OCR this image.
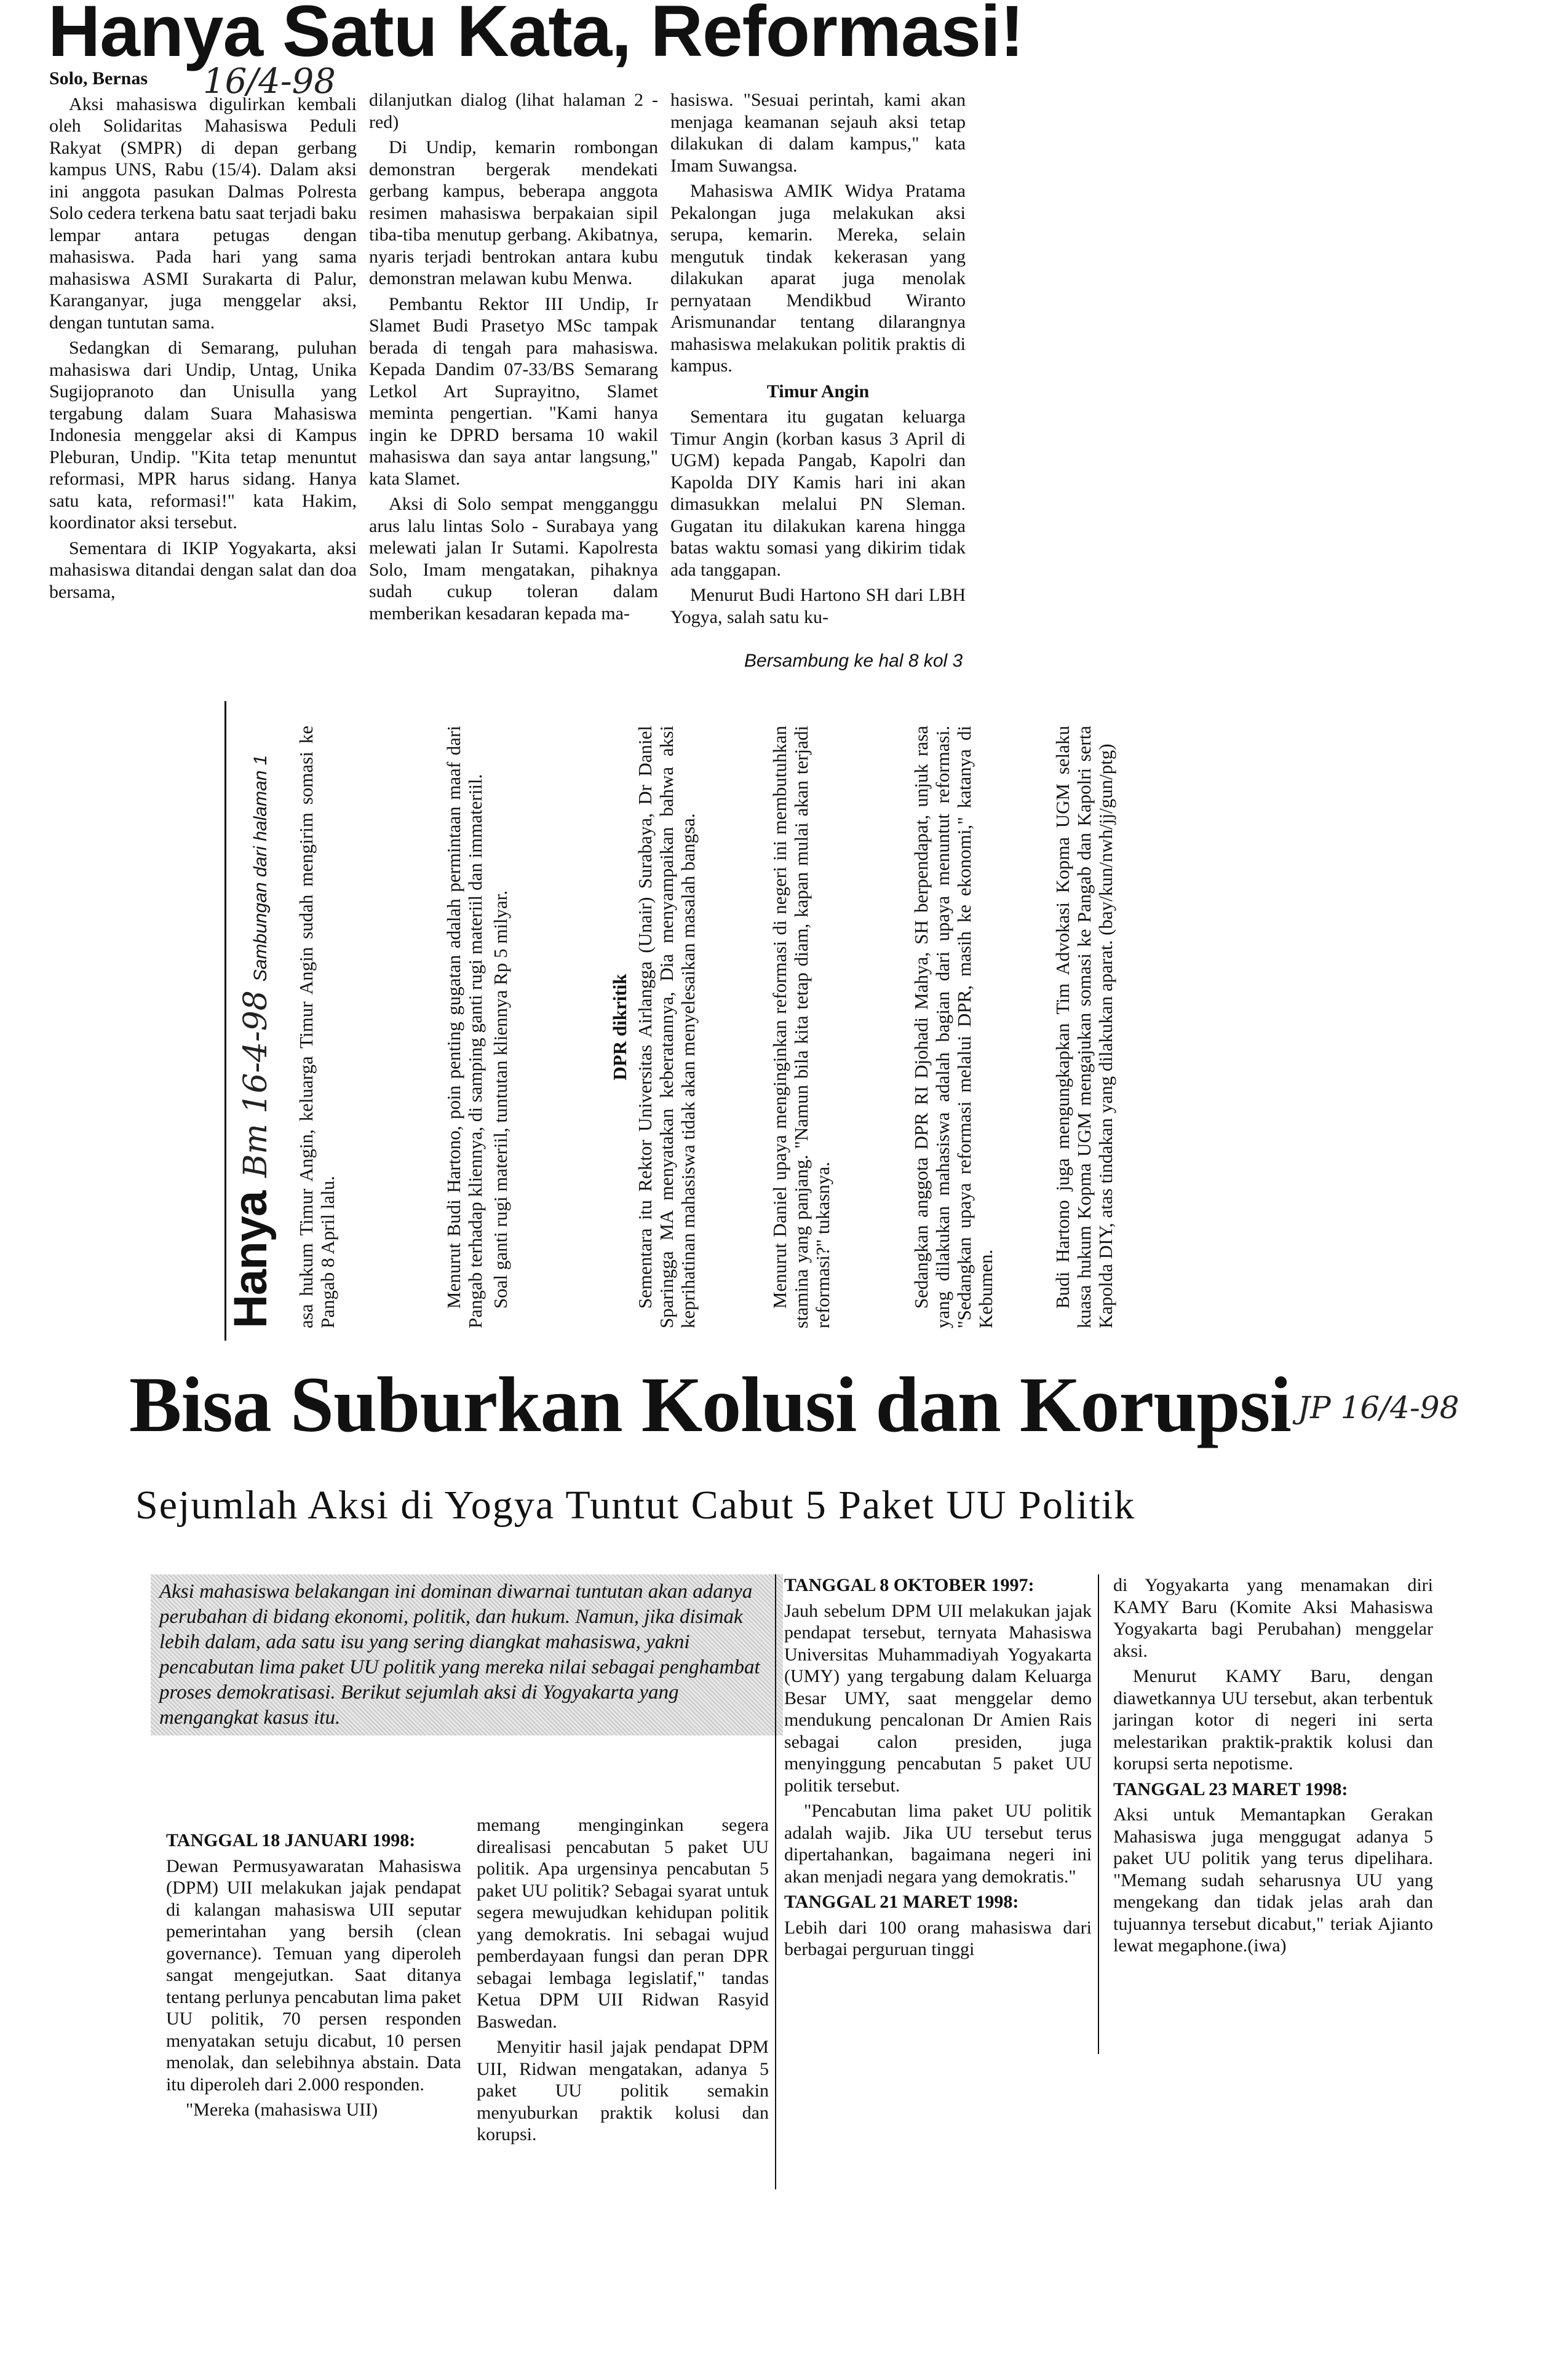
Hanya Satu Kata, Reformasi!
16/4-98

Solo, Bernas

Aksi mahasiswa digulirkan kembali oleh Solidaritas Mahasiswa Peduli Rakyat (SMPR) di depan gerbang kampus UNS, Rabu (15/4). Dalam aksi ini anggota pasukan Dalmas Polresta Solo cedera terkena batu saat terjadi baku lempar antara petugas dengan mahasiswa. Pada hari yang sama mahasiswa ASMI Surakarta di Palur, Karanganyar, juga menggelar aksi, dengan tuntutan sama.

Sedangkan di Semarang, puluhan mahasiswa dari Undip, Untag, Unika Sugijopranoto dan Unisulla yang tergabung dalam Suara Mahasiswa Indonesia menggelar aksi di Kampus Pleburan, Undip. "Kita tetap menuntut reformasi, MPR harus sidang. Hanya satu kata, reformasi!" kata Hakim, koordinator aksi tersebut.

Sementara di IKIP Yogyakarta, aksi mahasiswa ditandai dengan salat dan doa bersama,

dilanjutkan dialog (lihat halaman 2 - red)

Di Undip, kemarin rombongan demonstran bergerak mendekati gerbang kampus, beberapa anggota resimen mahasiswa berpakaian sipil tiba-tiba menutup gerbang. Akibatnya, nyaris terjadi bentrokan antara kubu demonstran melawan kubu Menwa.

Pembantu Rektor III Undip, Ir Slamet Budi Prasetyo MSc tampak berada di tengah para mahasiswa. Kepada Dandim 07-33/BS Semarang Letkol Art Suprayitno, Slamet meminta pengertian. "Kami hanya ingin ke DPRD bersama 10 wakil mahasiswa dan saya antar langsung," kata Slamet.

Aksi di Solo sempat mengganggu arus lalu lintas Solo - Surabaya yang melewati jalan Ir Sutami. Kapolresta Solo, Imam mengatakan, pihaknya sudah cukup toleran dalam memberikan kesadaran kepada ma-

hasiswa. "Sesuai perintah, kami akan menjaga keamanan sejauh aksi tetap dilakukan di dalam kampus," kata Imam Suwangsa.

Mahasiswa AMIK Widya Pratama Pekalongan juga melakukan aksi serupa, kemarin. Mereka, selain mengutuk tindak kekerasan yang dilakukan aparat juga menolak pernyataan Mendikbud Wiranto Arismunandar tentang dilarangnya mahasiswa melakukan politik praktis di kampus.

Timur Angin

Sementara itu gugatan keluarga Timur Angin (korban kasus 3 April di UGM) kepada Pangab, Kapolri dan Kapolda DIY Kamis hari ini akan dimasukkan melalui PN Sleman. Gugatan itu dilakukan karena hingga batas waktu somasi yang dikirim tidak ada tanggapan.

Menurut Budi Hartono SH dari LBH Yogya, salah satu ku-

Bersambung ke hal 8 kol 3
Hanya Bm 16-4-98 Sambungan dari halaman 1	asa hukum Timur Angin, keluarga Timur Angin sudah mengirim somasi ke Pangab 8 April lalu.	Menurut Budi Hartono, poin penting gugatan adalah permintaan maaf dari Pangab terhadap kliennya, di samping ganti rugi materiil dan immateriil. Soal ganti rugi materiil, tuntutan kliennya Rp 5 milyar.	DPR dikritik Sementara itu Rektor Universitas Airlangga (Unair) Surabaya, Dr Daniel Sparingga MA menyatakan keberatannya, Dia menyampaikan bahwa aksi keprihatinan mahasiswa tidak akan menyelesaikan masalah bangsa.	Menurut Daniel upaya menginginkan reformasi di negeri ini membutuhkan stamina yang panjang. "Namun bila kita tetap diam, kapan mulai akan terjadi reformasi?" tukasnya.	Sedangkan anggota DPR RI Djohadi Mahya, SH berpendapat, unjuk rasa yang dilakukan mahasiswa adalah bagian dari upaya menuntut reformasi. "Sedangkan upaya reformasi melalui DPR, masih ke ekonomi," katanya di Kebumen.	Budi Hartono juga mengungkapkan Tim Advokasi Kopma UGM selaku kuasa hukum Kopma UGM mengajukan somasi ke Pangab dan Kapolri serta Kapolda DIY, atas tindakan yang dilakukan aparat. (bay/kun/nwh/jj/gun/ptg)

Bisa Suburkan Kolusi dan Korupsi JP 16/4-98
Sejumlah Aksi di Yogya Tuntut Cabut 5 Paket UU Politik
Aksi mahasiswa belakangan ini dominan diwarnai tuntutan akan adanya perubahan di bidang ekonomi, politik, dan hukum. Namun, jika disimak lebih dalam, ada satu isu yang sering diangkat mahasiswa, yakni pencabutan lima paket UU politik yang mereka nilai sebagai penghambat proses demokratisasi. Berikut sejumlah aksi di Yogyakarta yang mengangkat kasus itu.

TANGGAL 18 JANUARI 1998:

Dewan Permusyawaratan Mahasiswa (DPM) UII melakukan jajak pendapat di kalangan mahasiswa UII seputar pemerintahan yang bersih (clean governance). Temuan yang diperoleh sangat mengejutkan. Saat ditanya tentang perlunya pencabutan lima paket UU politik, 70 persen responden menyatakan setuju dicabut, 10 persen menolak, dan selebihnya abstain. Data itu diperoleh dari 2.000 responden.

"Mereka (mahasiswa UII)

memang menginginkan segera direalisasi pencabutan 5 paket UU politik. Apa urgensinya pencabutan 5 paket UU politik? Sebagai syarat untuk segera mewujudkan kehidupan politik yang demokratis. Ini sebagai wujud pemberdayaan fungsi dan peran DPR sebagai lembaga legislatif," tandas Ketua DPM UII Ridwan Rasyid Baswedan.

Menyitir hasil jajak pendapat DPM UII, Ridwan mengatakan, adanya 5 paket UU politik semakin menyuburkan praktik kolusi dan korupsi.

TANGGAL 8 OKTOBER 1997:

Jauh sebelum DPM UII melakukan jajak pendapat tersebut, ternyata Mahasiswa Universitas Muhammadiyah Yogyakarta (UMY) yang tergabung dalam Keluarga Besar UMY, saat menggelar demo mendukung pencalonan Dr Amien Rais sebagai calon presiden, juga menyinggung pencabutan 5 paket UU politik tersebut.

"Pencabutan lima paket UU politik adalah wajib. Jika UU tersebut terus dipertahankan, bagaimana negeri ini akan menjadi negara yang demokratis."

TANGGAL 21 MARET 1998:

Lebih dari 100 orang mahasiswa dari berbagai perguruan tinggi

di Yogyakarta yang menamakan diri KAMY Baru (Komite Aksi Mahasiswa Yogyakarta bagi Perubahan) menggelar aksi.

Menurut KAMY Baru, dengan diawetkannya UU tersebut, akan terbentuk jaringan kotor di negeri ini serta melestarikan praktik-praktik kolusi dan korupsi serta nepotisme.

TANGGAL 23 MARET 1998:

Aksi untuk Memantapkan Gerakan Mahasiswa juga menggugat adanya 5 paket UU politik yang terus dipelihara. "Memang sudah seharusnya UU yang mengekang dan tidak jelas arah dan tujuannya tersebut dicabut," teriak Ajianto lewat megaphone.(iwa)
